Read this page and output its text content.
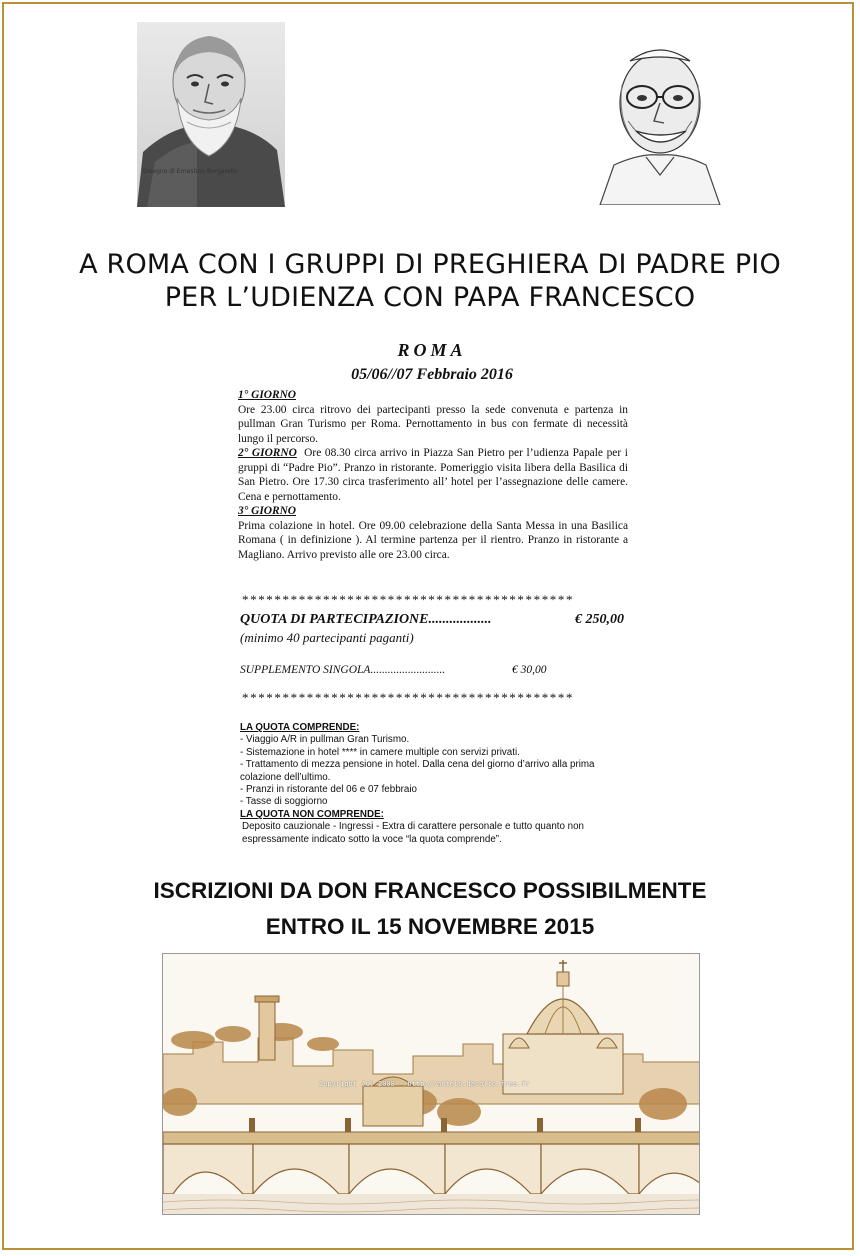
Disegno di Ernestino Borgarello
A ROMA CON I GRUPPI DI PREGHIERA DI PADRE PIO
PER L’UDIENZA CON PAPA FRANCESCO
ROMA
05/06//07 Febbraio 2016
1° GIORNO
Ore 23.00 circa ritrovo dei partecipanti presso la sede convenuta e partenza in pullman Gran Turismo per Roma. Pernottamento in bus con fermate di necessità lungo il percorso.
2° GIORNO Ore 08.30 circa arrivo in Piazza San Pietro per l’udienza Papale per i gruppi di “Padre Pio”. Pranzo in ristorante. Pomeriggio visita libera della Basilica di San Pietro. Ore 17.30 circa trasferimento all’ hotel per l’assegnazione delle camere. Cena e pernottamento.
3° GIORNO
Prima colazione in hotel. Ore 09.00 celebrazione della Santa Messa in una Basilica Romana ( in definizione ). Al termine partenza per il rientro. Pranzo in ristorante a Magliano. Arrivo previsto alle ore 23.00 circa.
*****************************************
QUOTA DI PARTECIPAZIONE..................	€ 250,00
(minimo 40 partecipanti paganti)
SUPPLEMENTO SINGOLA..........................	€ 30,00
*****************************************
LA QUOTA COMPRENDE:
- Viaggio A/R in pullman Gran Turismo.
- Sistemazione in hotel **** in camere multiple con servizi privati.
- Trattamento di mezza pensione in hotel. Dalla cena del giorno d’arrivo alla prima colazione dell’ultimo.
- Pranzi in ristorante del 06 e 07 febbraio
- Tasse di soggiorno
LA QUOTA NON COMPRENDE:
Deposito cauzionale - Ingressi - Extra di carattere personale e tutto quanto non espressamente indicato sotto la voce “la quota comprende”.
ISCRIZIONI DA DON FRANCESCO POSSIBILMENTE
ENTRO IL 15 NOVEMBRE 2015
Copyright (c) 2008 - http://antelo.dacollo.free.fr
